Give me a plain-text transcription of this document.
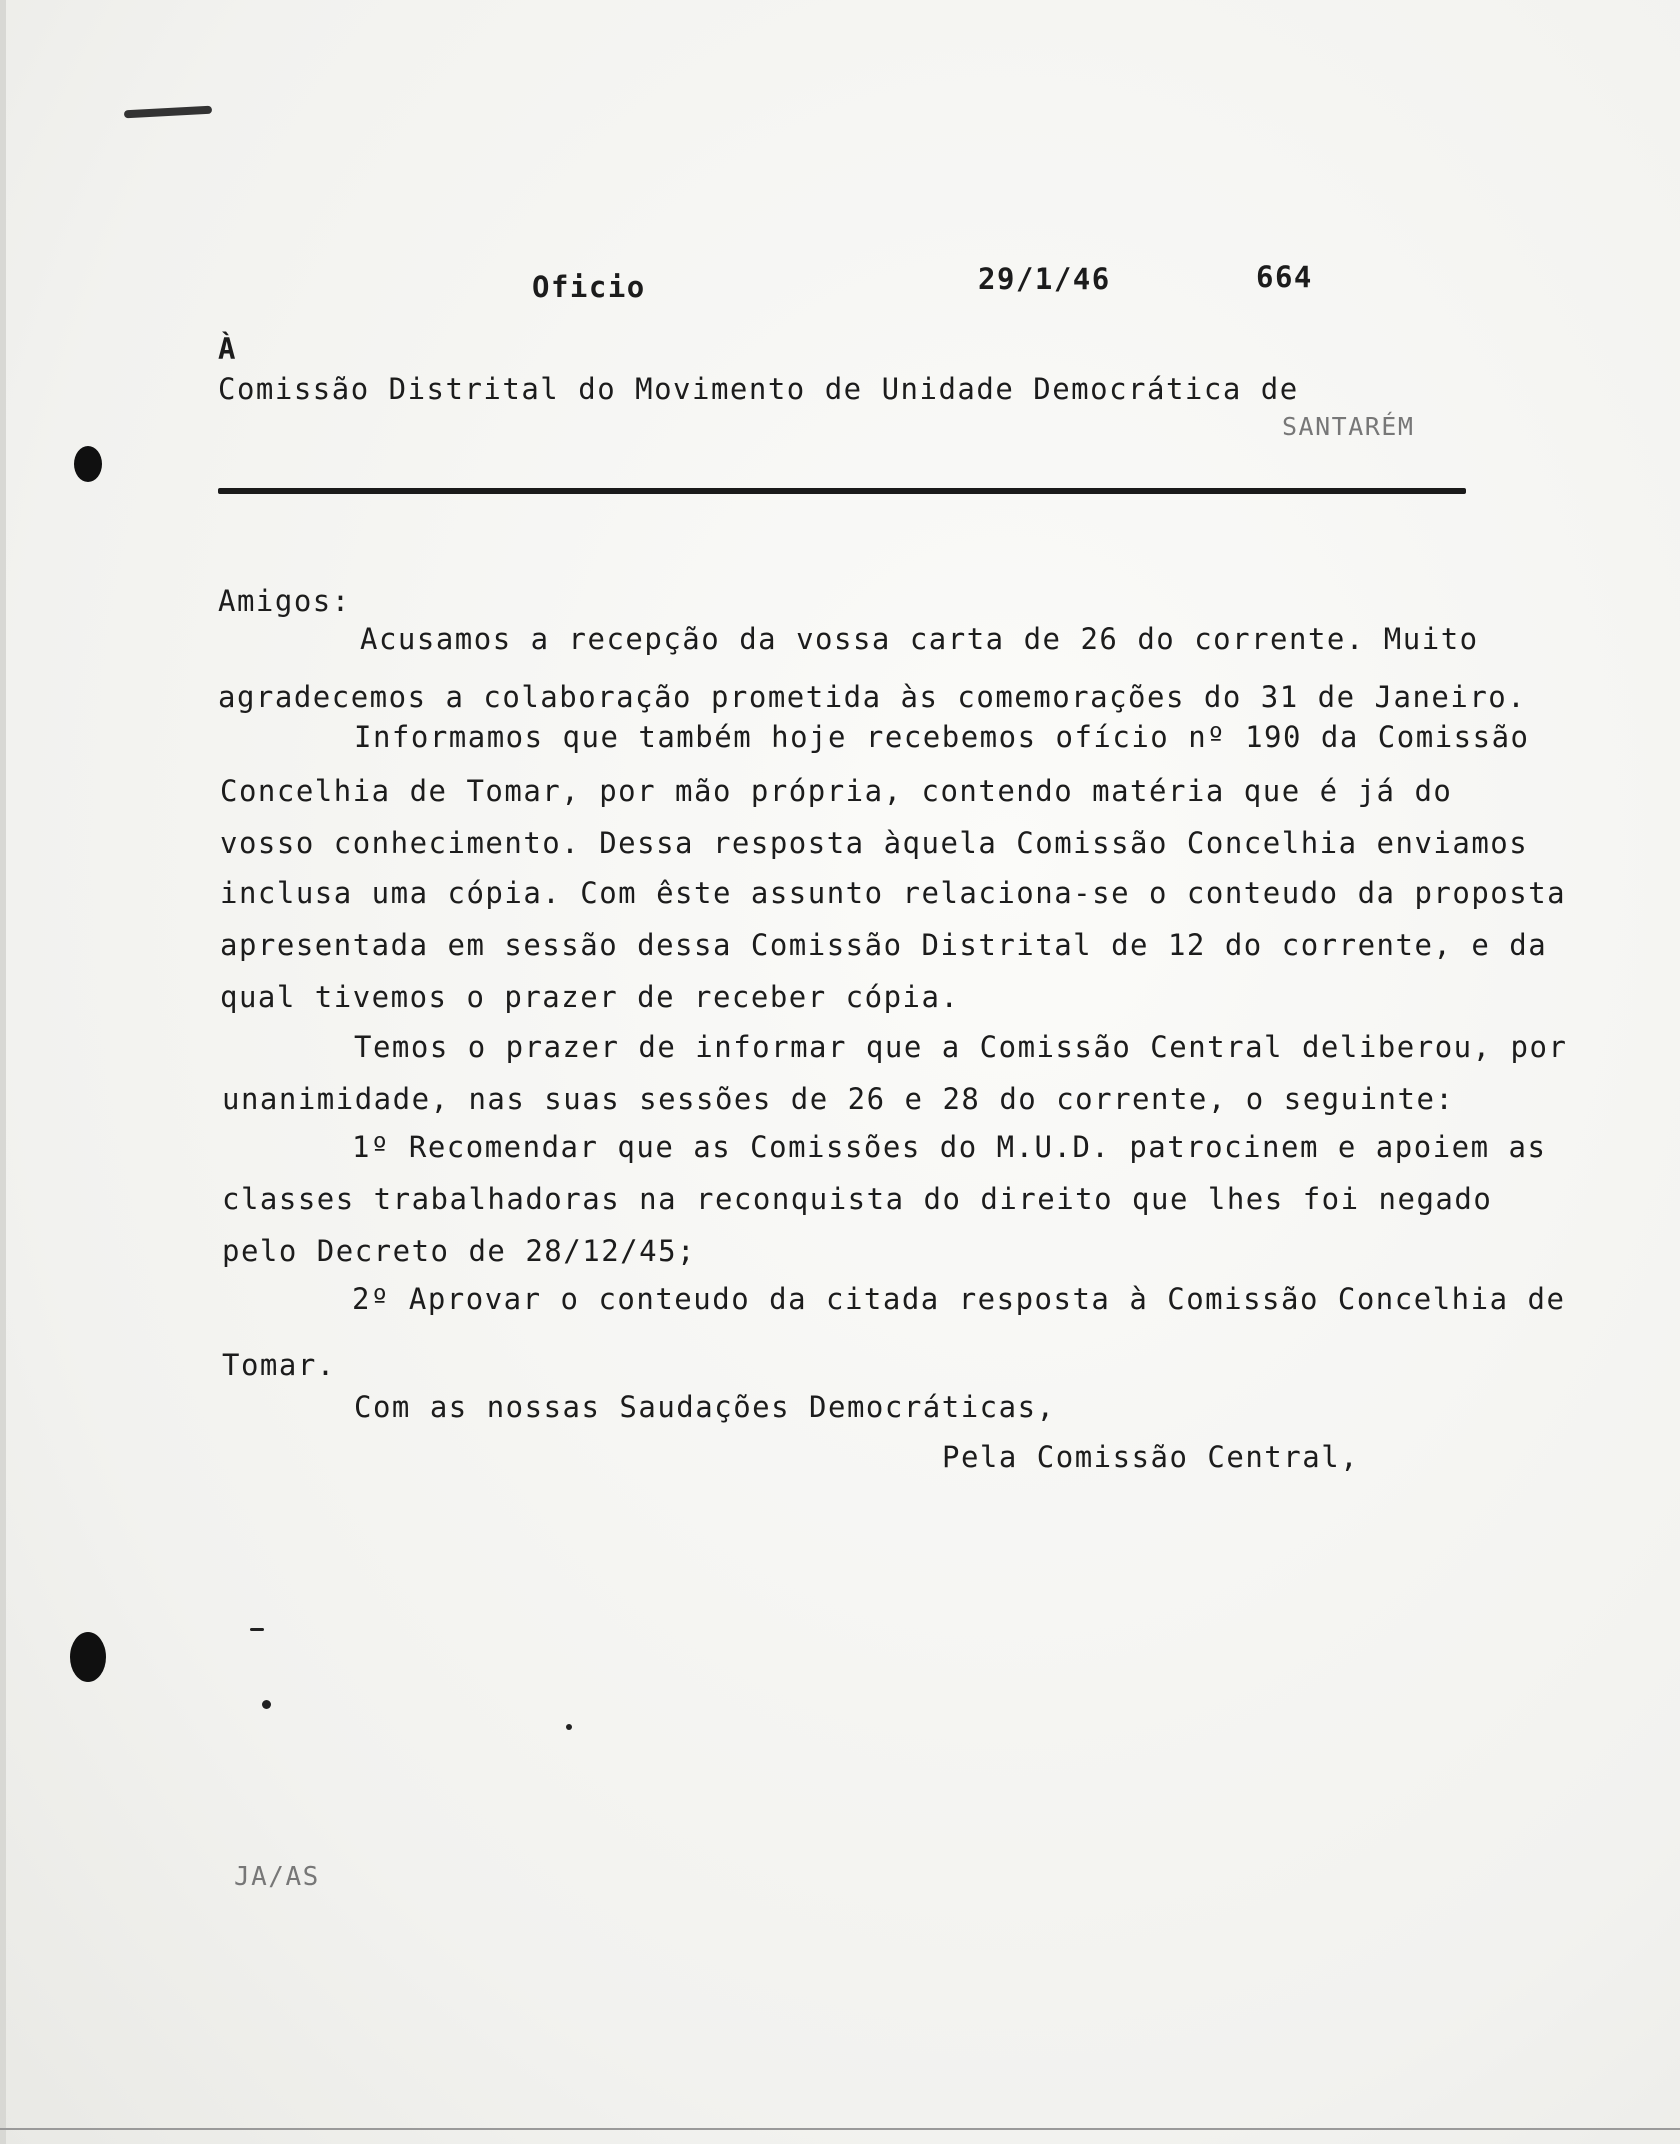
Oficio	29/1/46	664
À
Comissão Distrital do Movimento de Unidade Democrática de
SANTARÉM
Amigos:
Acusamos a recepção da vossa carta de 26 do corrente. Muito
agradecemos a colaboração prometida às comemorações do 31 de Janeiro.
Informamos que também hoje recebemos ofício nº 190 da Comissão
Concelhia de Tomar, por mão própria, contendo matéria que é já do
vosso conhecimento. Dessa resposta àquela Comissão Concelhia enviamos
inclusa uma cópia. Com êste assunto relaciona-se o conteudo da proposta
apresentada em sessão dessa Comissão Distrital de 12 do corrente, e da
qual tivemos o prazer de receber cópia.
Temos o prazer de informar que a Comissão Central deliberou, por
unanimidade, nas suas sessões de 26 e 28 do corrente, o seguinte:
1º Recomendar que as Comissões do M.U.D. patrocinem e apoiem as
classes trabalhadoras na reconquista do direito que lhes foi negado
pelo Decreto de 28/12/45;
2º Aprovar o conteudo da citada resposta à Comissão Concelhia de
Tomar.
Com as nossas Saudações Democráticas,
Pela Comissão Central,
JA/AS
